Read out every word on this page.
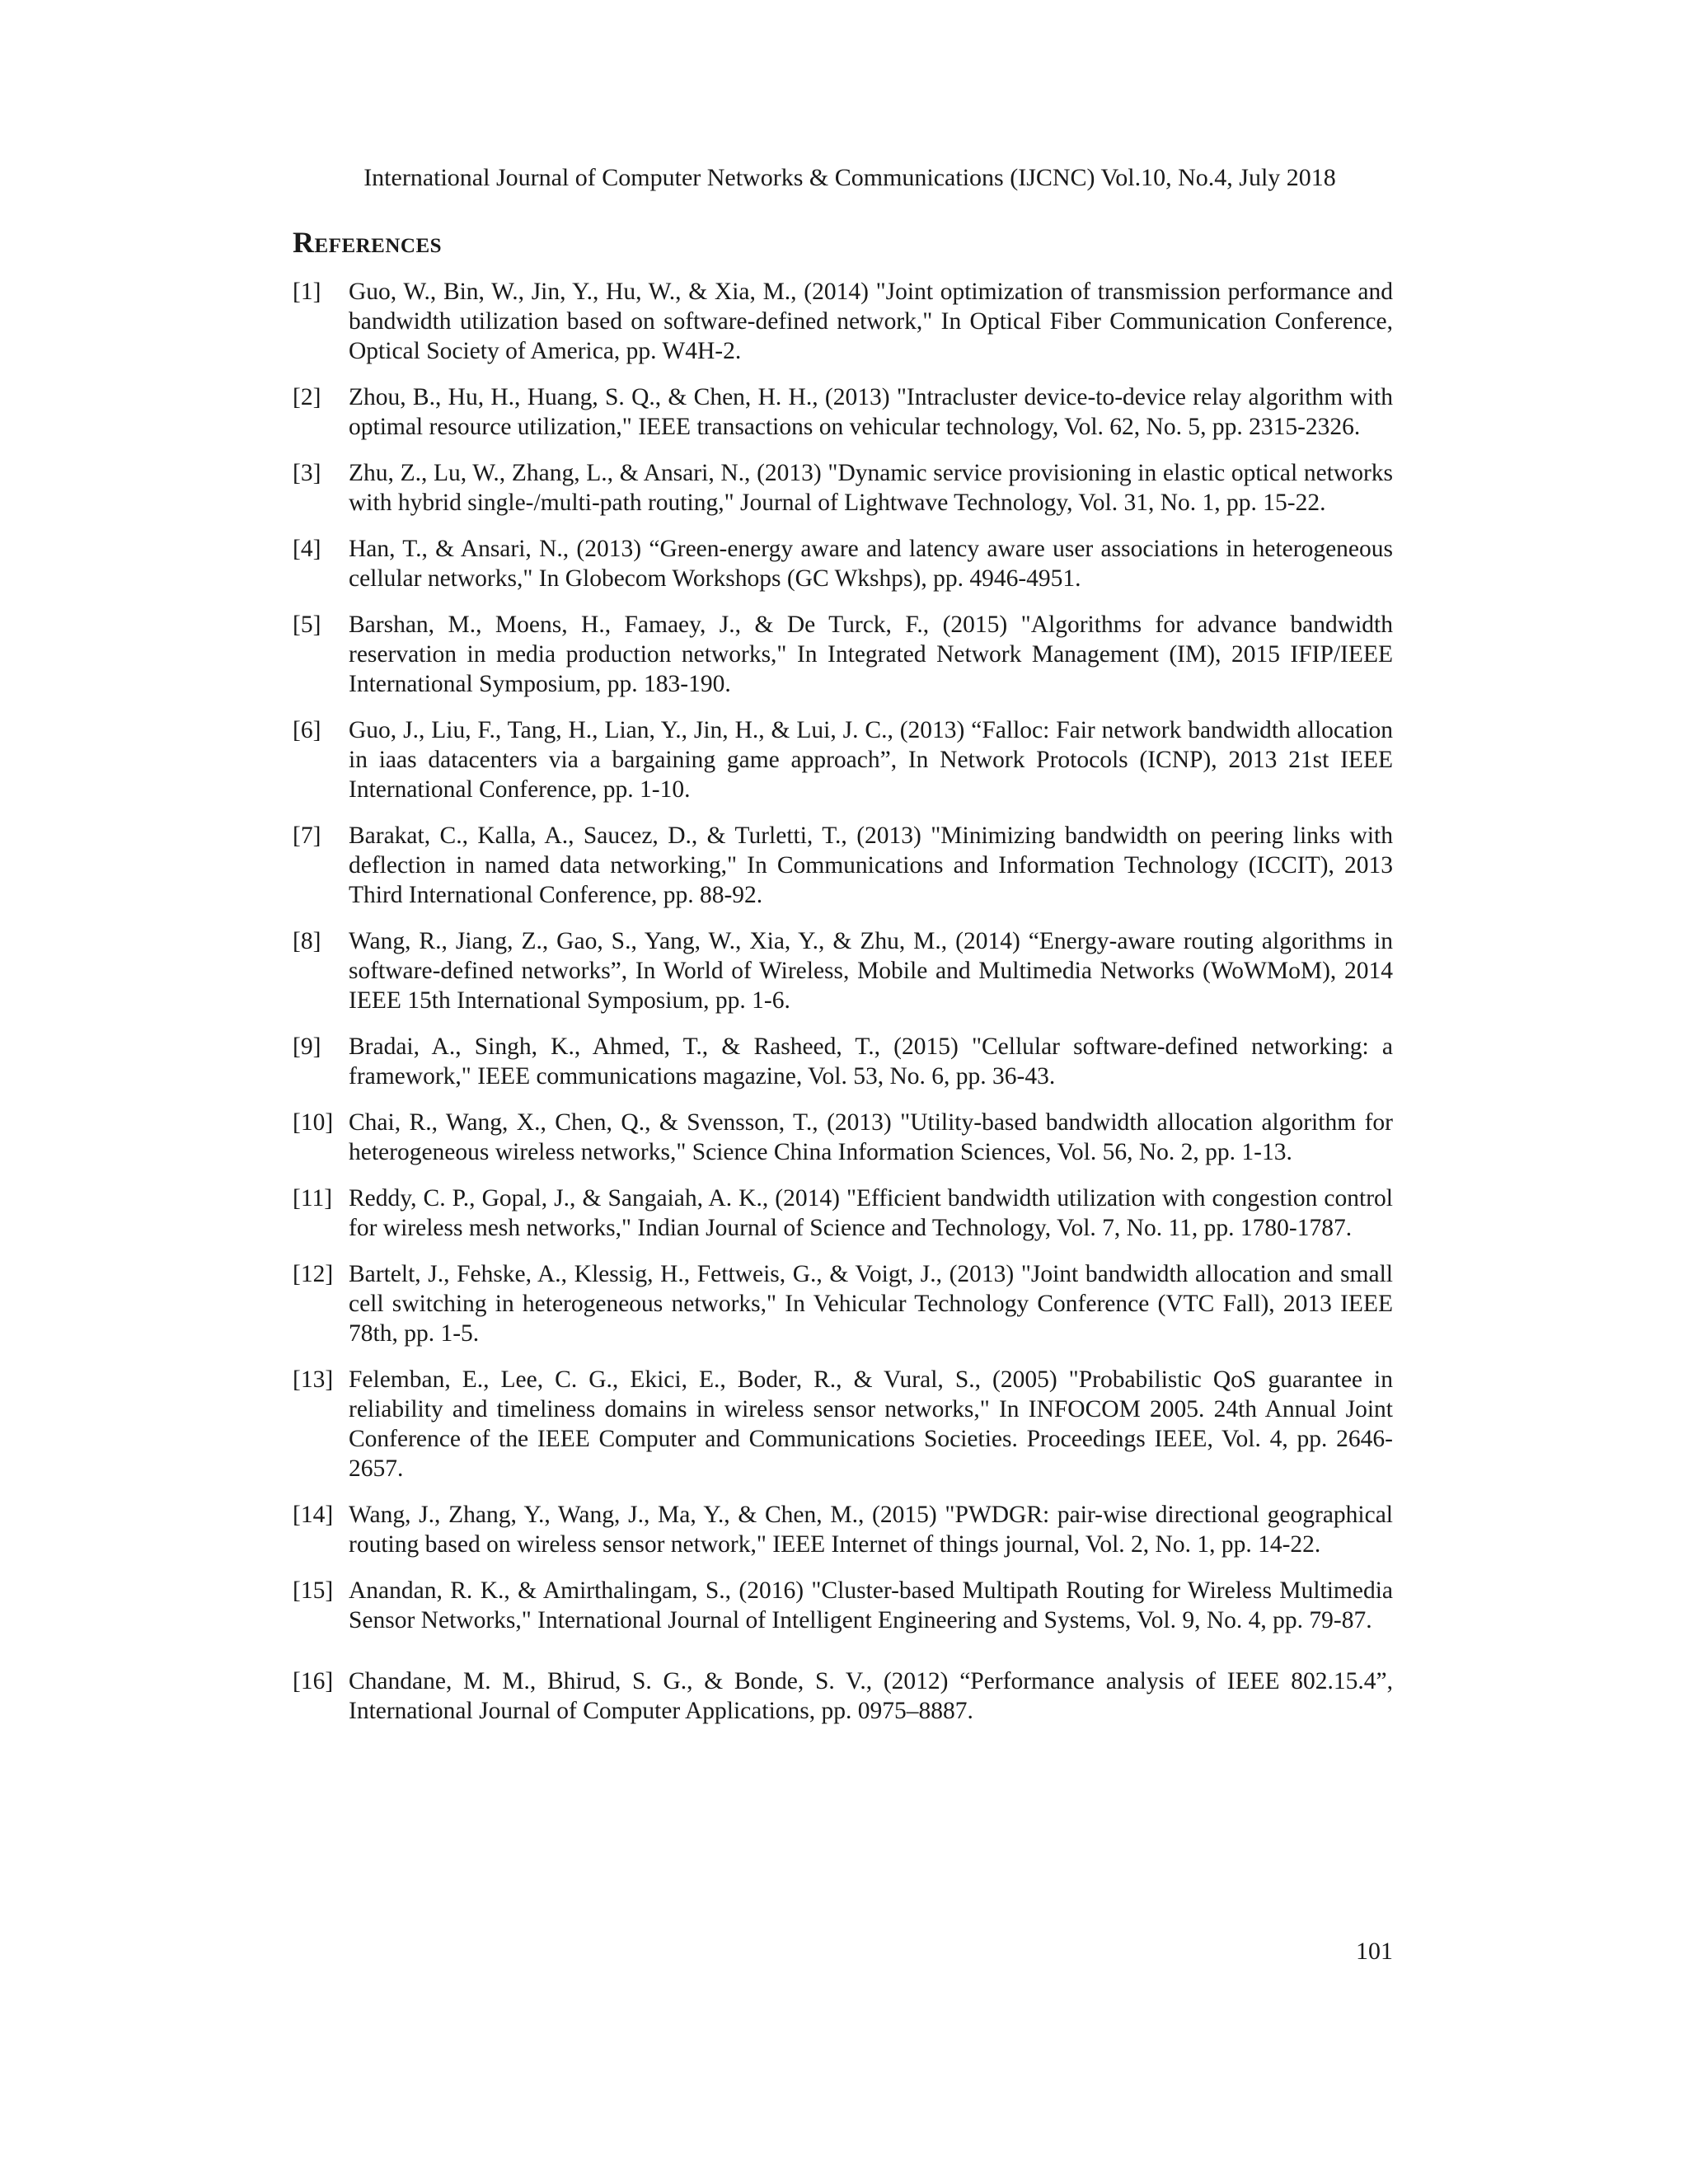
International Journal of Computer Networks & Communications (IJCNC) Vol.10, No.4, July 2018
References
[1] Guo, W., Bin, W., Jin, Y., Hu, W., & Xia, M., (2014) "Joint optimization of transmission performance and bandwidth utilization based on software-defined network," In Optical Fiber Communication Conference, Optical Society of America, pp. W4H-2.
[2] Zhou, B., Hu, H., Huang, S. Q., & Chen, H. H., (2013) "Intracluster device-to-device relay algorithm with optimal resource utilization," IEEE transactions on vehicular technology, Vol. 62, No. 5, pp. 2315-2326.
[3] Zhu, Z., Lu, W., Zhang, L., & Ansari, N., (2013) "Dynamic service provisioning in elastic optical networks with hybrid single-/multi-path routing," Journal of Lightwave Technology, Vol. 31, No. 1, pp. 15-22.
[4] Han, T., & Ansari, N., (2013) “Green-energy aware and latency aware user associations in heterogeneous cellular networks," In Globecom Workshops (GC Wkshps), pp. 4946-4951.
[5] Barshan, M., Moens, H., Famaey, J., & De Turck, F., (2015) "Algorithms for advance bandwidth reservation in media production networks," In Integrated Network Management (IM), 2015 IFIP/IEEE International Symposium, pp. 183-190.
[6] Guo, J., Liu, F., Tang, H., Lian, Y., Jin, H., & Lui, J. C., (2013) “Falloc: Fair network bandwidth allocation in iaas datacenters via a bargaining game approach”, In Network Protocols (ICNP), 2013 21st IEEE International Conference, pp. 1-10.
[7] Barakat, C., Kalla, A., Saucez, D., & Turletti, T., (2013) "Minimizing bandwidth on peering links with deflection in named data networking," In Communications and Information Technology (ICCIT), 2013 Third International Conference, pp. 88-92.
[8] Wang, R., Jiang, Z., Gao, S., Yang, W., Xia, Y., & Zhu, M., (2014) “Energy-aware routing algorithms in software-defined networks”, In World of Wireless, Mobile and Multimedia Networks (WoWMoM), 2014 IEEE 15th International Symposium, pp. 1-6.
[9] Bradai, A., Singh, K., Ahmed, T., & Rasheed, T., (2015) "Cellular software-defined networking: a framework," IEEE communications magazine, Vol. 53, No. 6, pp. 36-43.
[10] Chai, R., Wang, X., Chen, Q., & Svensson, T., (2013) "Utility-based bandwidth allocation algorithm for heterogeneous wireless networks," Science China Information Sciences, Vol. 56, No. 2, pp. 1-13.
[11] Reddy, C. P., Gopal, J., & Sangaiah, A. K., (2014) "Efficient bandwidth utilization with congestion control for wireless mesh networks," Indian Journal of Science and Technology, Vol. 7, No. 11, pp. 1780-1787.
[12] Bartelt, J., Fehske, A., Klessig, H., Fettweis, G., & Voigt, J., (2013) "Joint bandwidth allocation and small cell switching in heterogeneous networks," In Vehicular Technology Conference (VTC Fall), 2013 IEEE 78th, pp. 1-5.
[13] Felemban, E., Lee, C. G., Ekici, E., Boder, R., & Vural, S., (2005) "Probabilistic QoS guarantee in reliability and timeliness domains in wireless sensor networks," In INFOCOM 2005. 24th Annual Joint Conference of the IEEE Computer and Communications Societies. Proceedings IEEE, Vol. 4, pp. 2646-2657.
[14] Wang, J., Zhang, Y., Wang, J., Ma, Y., & Chen, M., (2015) "PWDGR: pair-wise directional geographical routing based on wireless sensor network," IEEE Internet of things journal, Vol. 2, No. 1, pp. 14-22.
[15] Anandan, R. K., & Amirthalingam, S., (2016) "Cluster-based Multipath Routing for Wireless Multimedia Sensor Networks," International Journal of Intelligent Engineering and Systems, Vol. 9, No. 4, pp. 79-87.
[16] Chandane, M. M., Bhirud, S. G., & Bonde, S. V., (2012) “Performance analysis of IEEE 802.15.4”, International Journal of Computer Applications, pp. 0975–8887.
101
